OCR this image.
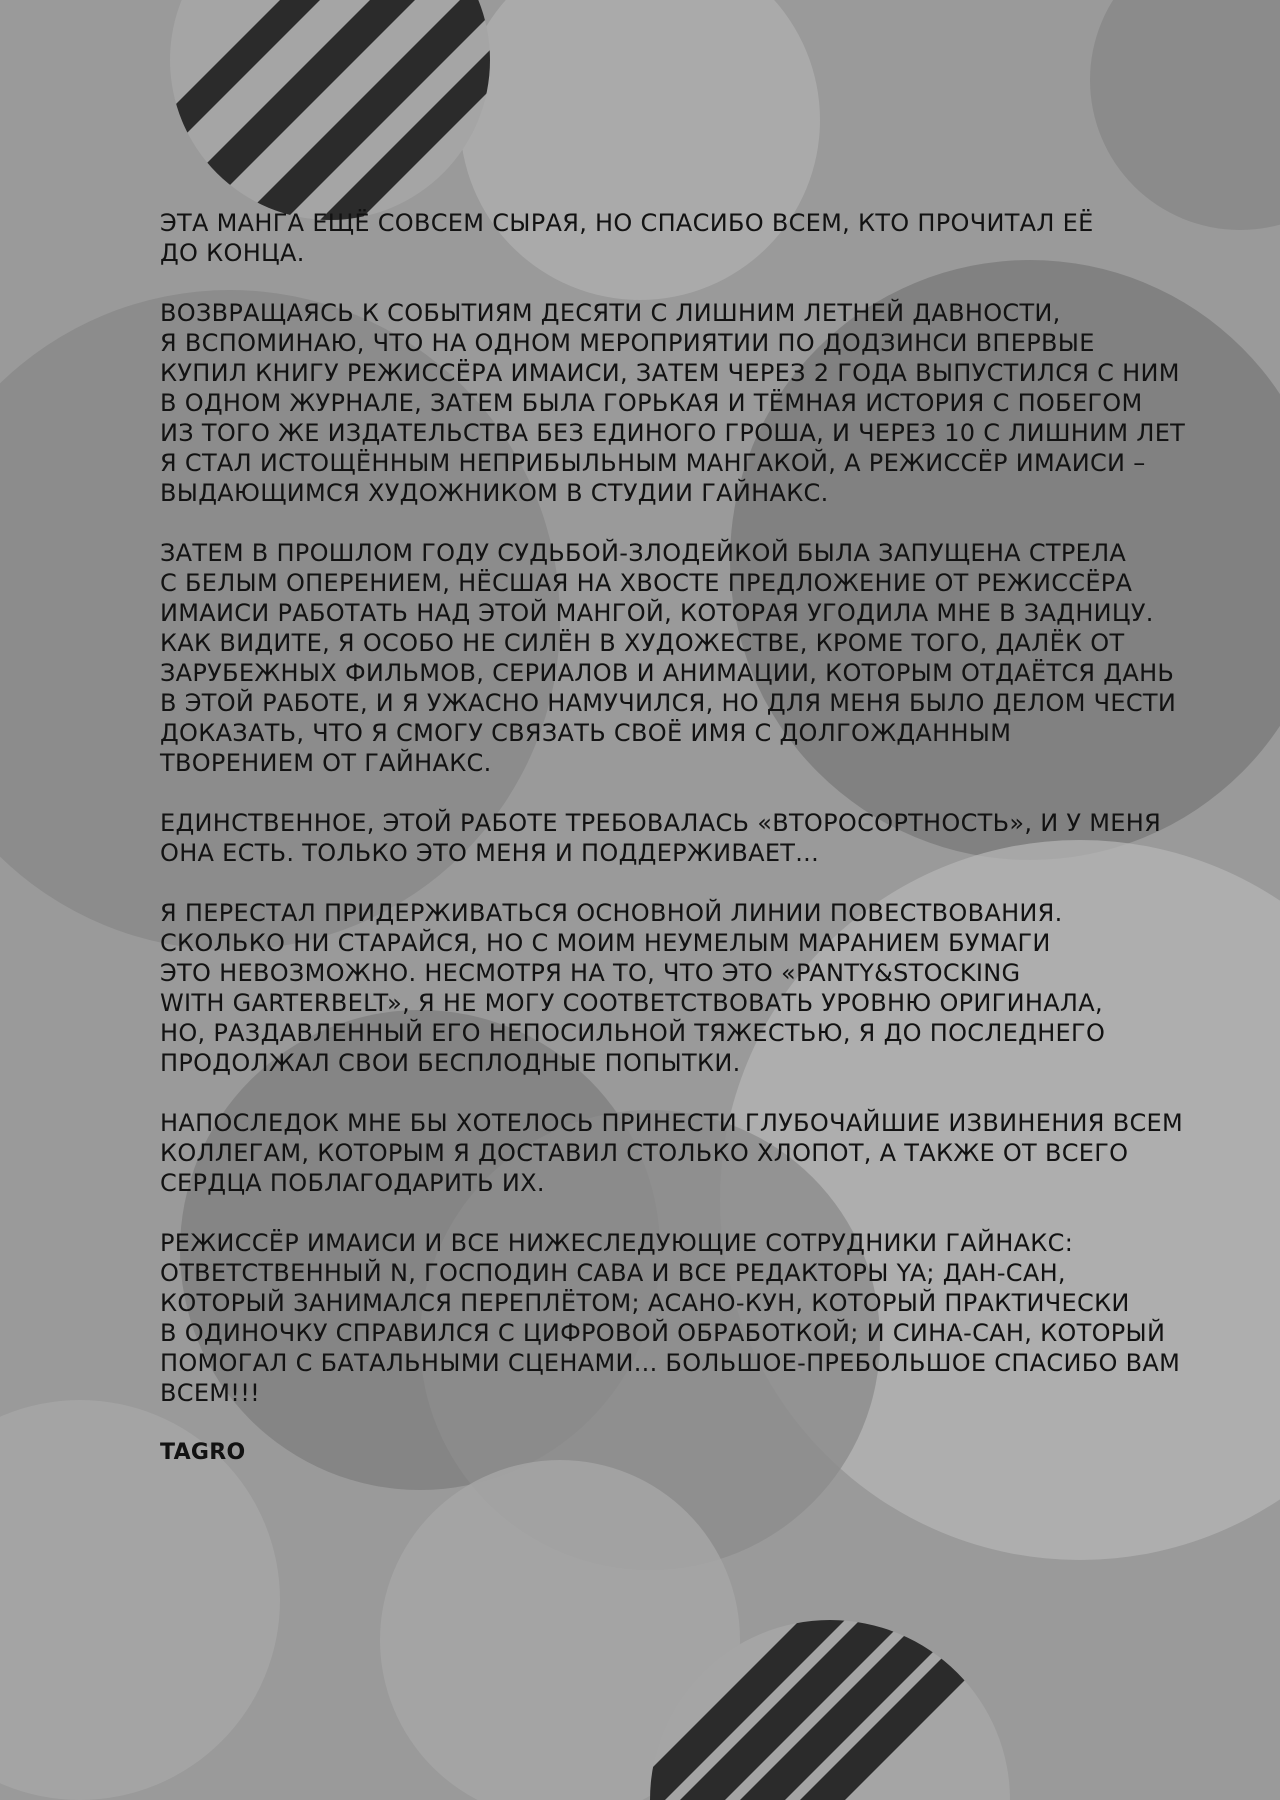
ЭТА МАНГА ЕЩЁ СОВСЕМ СЫРАЯ, НО СПАСИБО ВСЕМ, КТО ПРОЧИТАЛ ЕЁ
ДО КОНЦА.

ВОЗВРАЩАЯСЬ К СОБЫТИЯМ ДЕСЯТИ С ЛИШНИМ ЛЕТНЕЙ ДАВНОСТИ,
Я ВСПОМИНАЮ, ЧТО НА ОДНОМ МЕРОПРИЯТИИ ПО ДОДЗИНСИ ВПЕРВЫЕ
КУПИЛ КНИГУ РЕЖИССЁРА ИМАИСИ, ЗАТЕМ ЧЕРЕЗ 2 ГОДА ВЫПУСТИЛСЯ С НИМ
В ОДНОМ ЖУРНАЛЕ, ЗАТЕМ БЫЛА ГОРЬКАЯ И ТЁМНАЯ ИСТОРИЯ С ПОБЕГОМ
ИЗ ТОГО ЖЕ ИЗДАТЕЛЬСТВА БЕЗ ЕДИНОГО ГРОША, И ЧЕРЕЗ 10 С ЛИШНИМ ЛЕТ
Я СТАЛ ИСТОЩЁННЫМ НЕПРИБЫЛЬНЫМ МАНГАКОЙ, А РЕЖИССЁР ИМАИСИ –
ВЫДАЮЩИМСЯ ХУДОЖНИКОМ В СТУДИИ ГАЙНАКС.

ЗАТЕМ В ПРОШЛОМ ГОДУ СУДЬБОЙ-ЗЛОДЕЙКОЙ БЫЛА ЗАПУЩЕНА СТРЕЛА
С БЕЛЫМ ОПЕРЕНИЕМ, НЁСШАЯ НА ХВОСТЕ ПРЕДЛОЖЕНИЕ ОТ РЕЖИССЁРА
ИМАИСИ РАБОТАТЬ НАД ЭТОЙ МАНГОЙ, КОТОРАЯ УГОДИЛА МНЕ В ЗАДНИЦУ.
КАК ВИДИТЕ, Я ОСОБО НЕ СИЛЁН В ХУДОЖЕСТВЕ, КРОМЕ ТОГО, ДАЛЁК ОТ
ЗАРУБЕЖНЫХ ФИЛЬМОВ, СЕРИАЛОВ И АНИМАЦИИ, КОТОРЫМ ОТДАЁТСЯ ДАНЬ
В ЭТОЙ РАБОТЕ, И Я УЖАСНО НАМУЧИЛСЯ, НО ДЛЯ МЕНЯ БЫЛО ДЕЛОМ ЧЕСТИ
ДОКАЗАТЬ, ЧТО Я СМОГУ СВЯЗАТЬ СВОЁ ИМЯ С ДОЛГОЖДАННЫМ
ТВОРЕНИЕМ ОТ ГАЙНАКС.

ЕДИНСТВЕННОЕ, ЭТОЙ РАБОТЕ ТРЕБОВАЛАСЬ «ВТОРОСОРТНОСТЬ», И У МЕНЯ
ОНА ЕСТЬ. ТОЛЬКО ЭТО МЕНЯ И ПОДДЕРЖИВАЕТ...

Я ПЕРЕСТАЛ ПРИДЕРЖИВАТЬСЯ ОСНОВНОЙ ЛИНИИ ПОВЕСТВОВАНИЯ.
СКОЛЬКО НИ СТАРАЙСЯ, НО С МОИМ НЕУМЕЛЫМ МАРАНИЕМ БУМАГИ
ЭТО НЕВОЗМОЖНО. НЕСМОТРЯ НА ТО, ЧТО ЭТО «PANTY&STOCKING
WITH GARTERBELT», Я НЕ МОГУ СООТВЕТСТВОВАТЬ УРОВНЮ ОРИГИНАЛА,
НО, РАЗДАВЛЕННЫЙ ЕГО НЕПОСИЛЬНОЙ ТЯЖЕСТЬЮ, Я ДО ПОСЛЕДНЕГО
ПРОДОЛЖАЛ СВОИ БЕСПЛОДНЫЕ ПОПЫТКИ.

НАПОСЛЕДОК МНЕ БЫ ХОТЕЛОСЬ ПРИНЕСТИ ГЛУБОЧАЙШИЕ ИЗВИНЕНИЯ ВСЕМ
КОЛЛЕГАМ, КОТОРЫМ Я ДОСТАВИЛ СТОЛЬКО ХЛОПОТ, А ТАКЖЕ ОТ ВСЕГО
СЕРДЦА ПОБЛАГОДАРИТЬ ИХ.

РЕЖИССЁР ИМАИСИ И ВСЕ НИЖЕСЛЕДУЮЩИЕ СОТРУДНИКИ ГАЙНАКС:
ОТВЕТСТВЕННЫЙ N, ГОСПОДИН САВА И ВСЕ РЕДАКТОРЫ YA; ДАН-САН,
КОТОРЫЙ ЗАНИМАЛСЯ ПЕРЕПЛЁТОМ; АСАНО-КУН, КОТОРЫЙ ПРАКТИЧЕСКИ
В ОДИНОЧКУ СПРАВИЛСЯ С ЦИФРОВОЙ ОБРАБОТКОЙ; И СИНА-САН, КОТОРЫЙ
ПОМОГАЛ С БАТАЛЬНЫМИ СЦЕНАМИ... БОЛЬШОЕ-ПРЕБОЛЬШОЕ СПАСИБО ВАМ
ВСЕМ!!!

TAGRO
